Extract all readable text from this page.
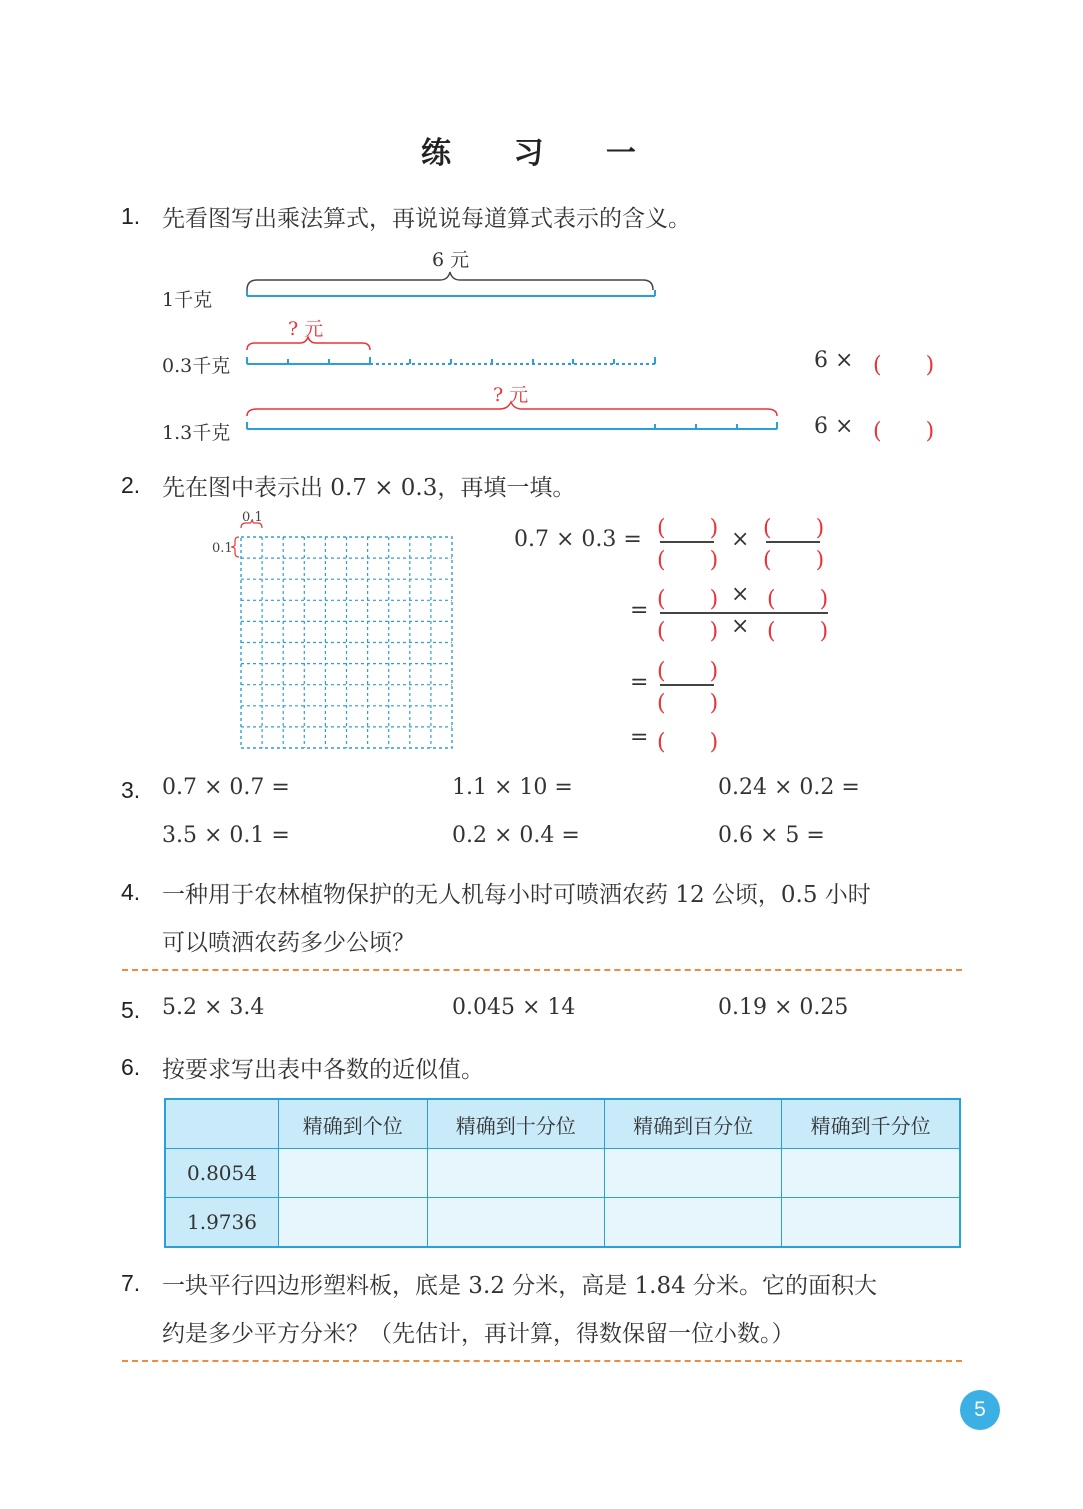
练 习 一
1. 先看图写出乘法算式，再说说每道算式表示的含义。
6 元
1千克
? 元
0.3千克
? 元
1.3千克
6 × (　　)
6 × (　　)
2. 先在图中表示出 0.7 × 0.3，再填一填。
0.1
0.1	0.7 × 0.3 = (　　)
(　　)
× (　　)
(　　)
= (　　) × (　　)
(　　) × (　　)
= (　　)
(　　)
= (　　)
3. 0.7 × 0.7 =	1.1 × 10 =	0.24 × 0.2 =
3.5 × 0.1 =	0.2 × 0.4 =	0.6 × 5 =
4. 一种用于农林植物保护的无人机每小时可喷洒农药 12 公顷，0.5 小时
可以喷洒农药多少公顷？
5. 5.2 × 3.4	0.045 × 14	0.19 × 0.25
6. 按要求写出表中各数的近似值。
	精确到个位	精确到十分位	精确到百分位	精确到千分位
0.8054				
1.9736				
7. 一块平行四边形塑料板，底是 3.2 分米，高是 1.84 分米。它的面积大
约是多少平方分米？（先估计，再计算，得数保留一位小数。）
5
